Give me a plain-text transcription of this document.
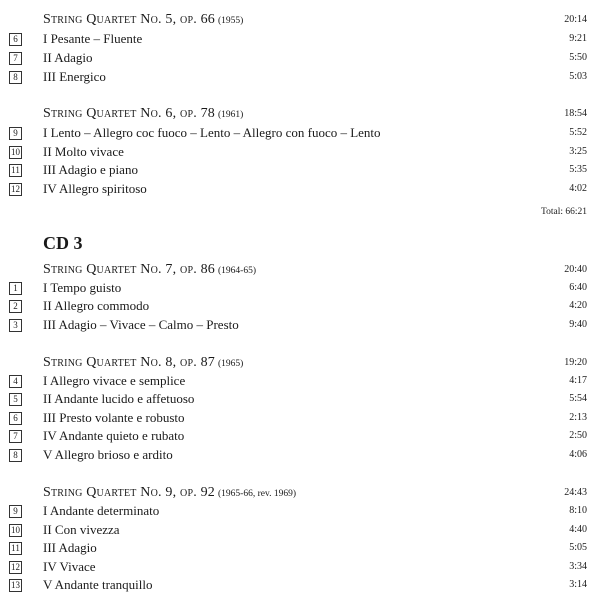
String Quartet No. 5, op. 66 (1955)	20:14
6	I Pesante – Fluente	9:21
7	II Adagio	5:50
8	III Energico	5:03
String Quartet No. 6, op. 78 (1961)	18:54
9	I Lento – Allegro coc fuoco – Lento – Allegro con fuoco – Lento	5:52
10 II Molto vivace	3:25
11 III Adagio e piano	5:35
12 IV Allegro spiritoso	4:02
Total: 66:21
CD 3
String Quartet No. 7, op. 86 (1964-65)	20:40
1	I Tempo guisto	6:40
2	II Allegro commodo	4:20
3	III Adagio – Vivace – Calmo – Presto	9:40
String Quartet No. 8, op. 87 (1965)	19:20
4	I Allegro vivace e semplice	4:17
5	II Andante lucido e affetuoso	5:54
6	III Presto volante e robusto	2:13
7	IV Andante quieto e rubato	2:50
8	V Allegro brioso e ardito	4:06
String Quartet No. 9, op. 92 (1965-66, rev. 1969)	24:43
9	I Andante determinato	8:10
10 II Con vivezza	4:40
11 III Adagio	5:05
12 IV Vivace	3:34
13 V Andante tranquillo	3:14
